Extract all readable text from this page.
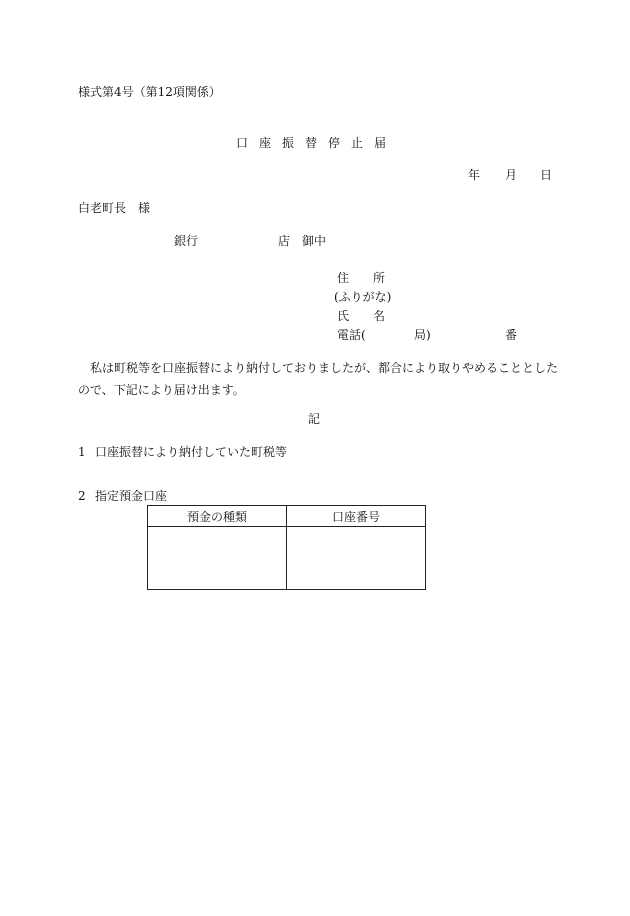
様式第4号（第12項関係）
口座振替停止届
年 月 日
白老町長　様
銀行	店 御中
住　　所
(ふりがな)
氏　　名
電話(	局)	番
私は町税等を口座振替により納付しておりましたが、都合により取りやめることとしたので、下記により届け出ます。
記
1 口座振替により納付していた町税等
2 指定預金口座
預金の種類	口座番号
